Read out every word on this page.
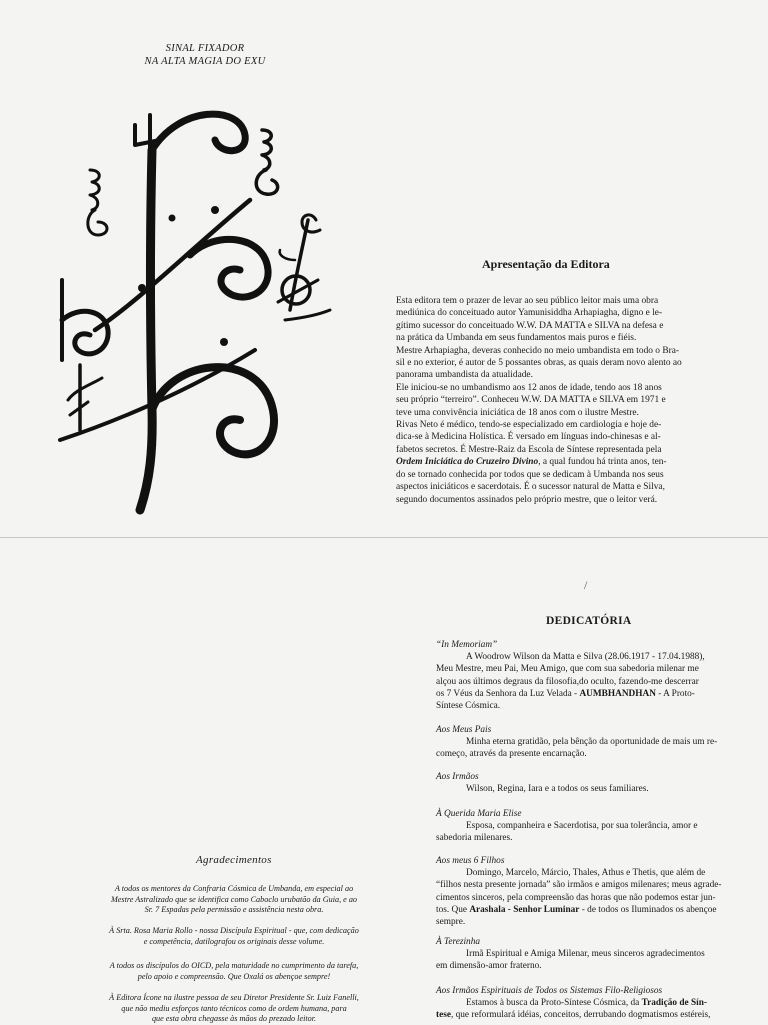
SINAL FIXADOR
NA ALTA MAGIA DO EXU
Apresentação da Editora

Esta editora tem o prazer de levar ao seu público leitor mais uma obra

mediúnica do conceituado autor Yamunisiddha Arhapiagha, digno e le-

gítimo sucessor do conceituado W.W. DA MATTA e SILVA na defesa e

na prática da Umbanda em seus fundamentos mais puros e fiéis.

Mestre Arhapiagha, deveras conhecido no meio umbandista em todo o Bra-

sil e no exterior, é autor de 5 possantes obras, as quais deram novo alento ao

panorama umbandista da atualidade.

Ele iniciou-se no umbandismo aos 12 anos de idade, tendo aos 18 anos

seu próprio “terreiro”. Conheceu W.W. DA MATTA e SILVA em 1971 e

teve uma convivência iniciática de 18 anos com o ilustre Mestre.

Rivas Neto é médico, tendo-se especializado em cardiologia e hoje de-

dica-se à Medicina Holística. É versado em línguas indo-chinesas e al-

fabetos secretos. É Mestre-Raiz da Escola de Síntese representada pela

Ordem Iniciática do Cruzeiro Divino, a qual fundou há trinta anos, ten-

do se tornado conhecida por todos que se dedicam à Umbanda nos seus

aspectos iniciáticos e sacerdotais. É o sucessor natural de Matta e Silva,

segundo documentos assinados pelo próprio mestre, que o leitor verá.

/
DEDICATÓRIA
“In Memoriam”
A Woodrow Wilson da Matta e Silva (28.06.1917 - 17.04.1988),
Meu Mestre, meu Pai, Meu Amigo, que com sua sabedoria milenar me
alçou aos últimos degraus da filosofia,do oculto, fazendo-me descerrar
os 7 Véus da Senhora da Luz Velada - AUMBHANDHAN - A Proto-
Síntese Cósmica.
Aos Meus Pais
Minha eterna gratidão, pela bênção da oportunidade de mais um re-
começo, através da presente encarnação.
Aos Irmãos
Wilson, Regina, Iara e a todos os seus familiares.
À Querida Maria Elise
Esposa, companheira e Sacerdotisa, por sua tolerância, amor e
sabedoria milenares.
Aos meus 6 Filhos
Domingo, Marcelo, Márcio, Thales, Athus e Thetis, que além de
“filhos nesta presente jornada” são irmãos e amigos milenares; meus agrade-
cimentos sinceros, pela compreensão das horas que não podemos estar jun-
tos. Que Arashala - Senhor Luminar - de todos os Iluminados os abençoe
sempre.
À Terezinha
Irmã Espiritual e Amiga Milenar, meus sinceros agradecimentos
em dimensão-amor fraterno.
Aos Irmãos Espirituais de Todos os Sistemas Filo-Religiosos
Estamos à busca da Proto-Síntese Cósmica, da Tradição de Sín-
tese, que reformulará idéias, conceitos, derrubando dogmatismos estéreis,
Agradecimentos

A todos os mentores da Confraria Cósmica de Umbanda, em especial ao

Mestre Astralizado que se identifica como Caboclo urubatão da Guia, e ao

Sr. 7 Espadas pela permissão e assistência nesta obra.

À Srta. Rosa Maria Rollo - nossa Discípula Espiritual - que, com dedicação

e competência, datilografou os originais desse volume.

A todos os discípulos do OICD, pela maturidade no cumprimento da tarefa,

pelo apoio e compreensão. Que Oxalá os abençoe sempre!

À Editora Ícone na ilustre pessoa de seu Diretor Presidente Sr. Luiz Fanelli,

que não mediu esforços tanto técnicos como de ordem humana, para

que esta obra chegasse às mãos do prezado leitor.
